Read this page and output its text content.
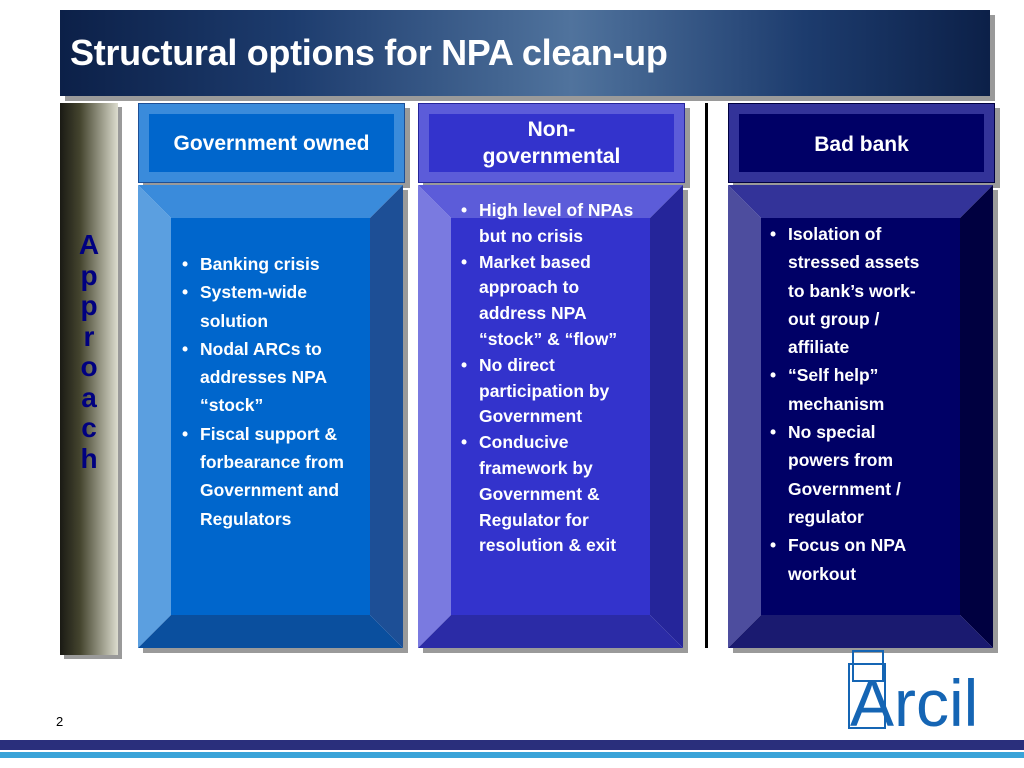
Structural options for NPA clean-up
A
p
p
r
o
a
c
h
Government owned
• Banking crisis
• System-wide solution
• Nodal ARCs to addresses NPA “stock”
• Fiscal support & forbearance from Government and Regulators
Non-governmental
• High level of NPAs but no crisis
• Market based approach to address NPA “stock” & “flow”
• No direct participation by Government
• Conducive framework by Government & Regulator for resolution & exit
Bad bank
• Isolation of stressed assets to bank’s work-out group / affiliate
• “Self help” mechanism
• No special powers from Government / regulator
• Focus on NPA workout
2	Arcil
